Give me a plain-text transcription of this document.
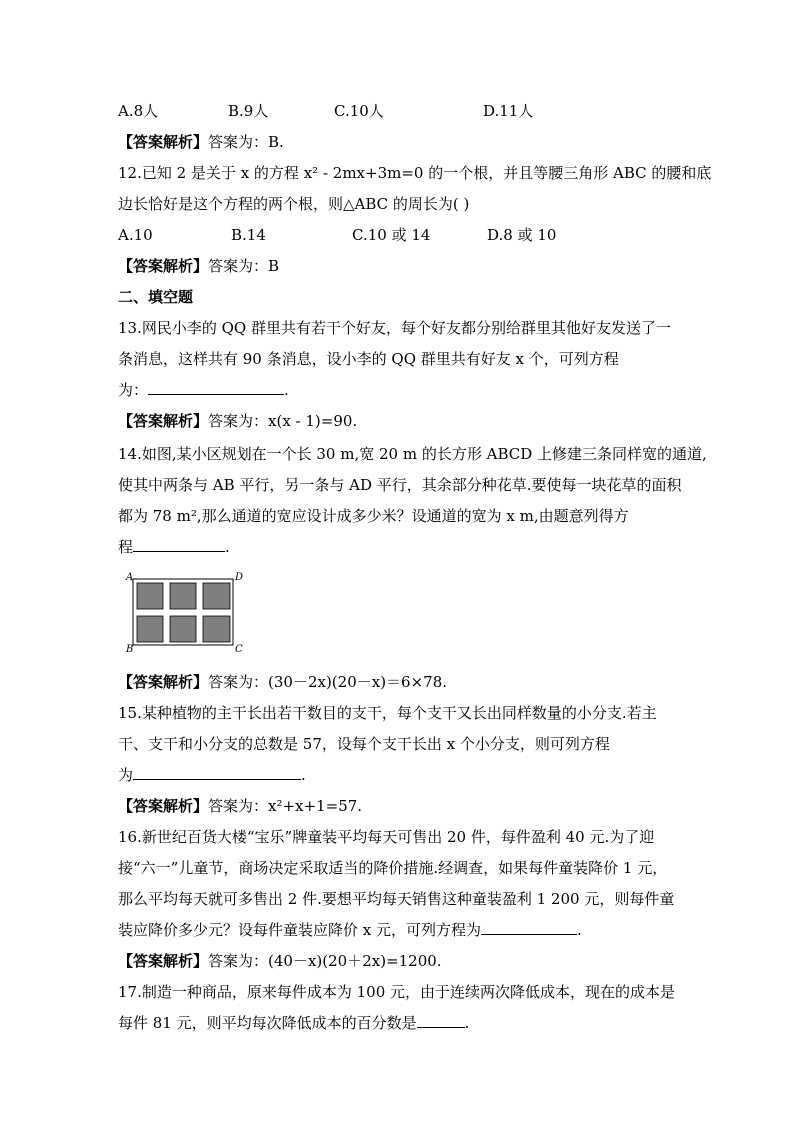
A.8人	B.9人	C.10人	D.11人
【答案解析】答案为：B.
12.已知 2 是关于 x 的方程 x² - 2mx+3m=0 的一个根，并且等腰三角形 ABC 的腰和底
边长恰好是这个方程的两个根，则△ABC 的周长为( )
A.10	B.14	C.10 或 14	D.8 或 10
【答案解析】答案为：B
二、填空题
13.网民小李的 QQ 群里共有若干个好友，每个好友都分别给群里其他好友发送了一
条消息，这样共有 90 条消息，设小李的 QQ 群里共有好友 x 个，可列方程
为：	.
【答案解析】答案为：x(x - 1)=90.
14.如图,某小区规划在一个长 30 m,宽 20 m 的长方形 ABCD 上修建三条同样宽的通道,
使其中两条与 AB 平行，另一条与 AD 平行，其余部分种花草.要使每一块花草的面积
都为 78 m²,那么通道的宽应设计成多少米？设通道的宽为 x m,由题意列得方
程	.
A
B	C
D
【答案解析】答案为：(30－2x)(20－x)＝6×78.
15.某种植物的主干长出若干数目的支干，每个支干又长出同样数量的小分支.若主
干、支干和小分支的总数是 57，设每个支干长出 x 个小分支，则可列方程
为	.
【答案解析】答案为：x²+x+1=57.
16.新世纪百货大楼“宝乐”牌童装平均每天可售出 20 件，每件盈利 40 元.为了迎
接“六一”儿童节，商场决定采取适当的降价措施.经调查，如果每件童装降价 1 元，
那么平均每天就可多售出 2 件.要想平均每天销售这种童装盈利 1 200 元，则每件童
装应降价多少元？设每件童装应降价 x 元，可列方程为	.
【答案解析】答案为：(40－x)(20＋2x)=1200.
17.制造一种商品，原来每件成本为 100 元，由于连续两次降低成本，现在的成本是
每件 81 元，则平均每次降低成本的百分数是	.
